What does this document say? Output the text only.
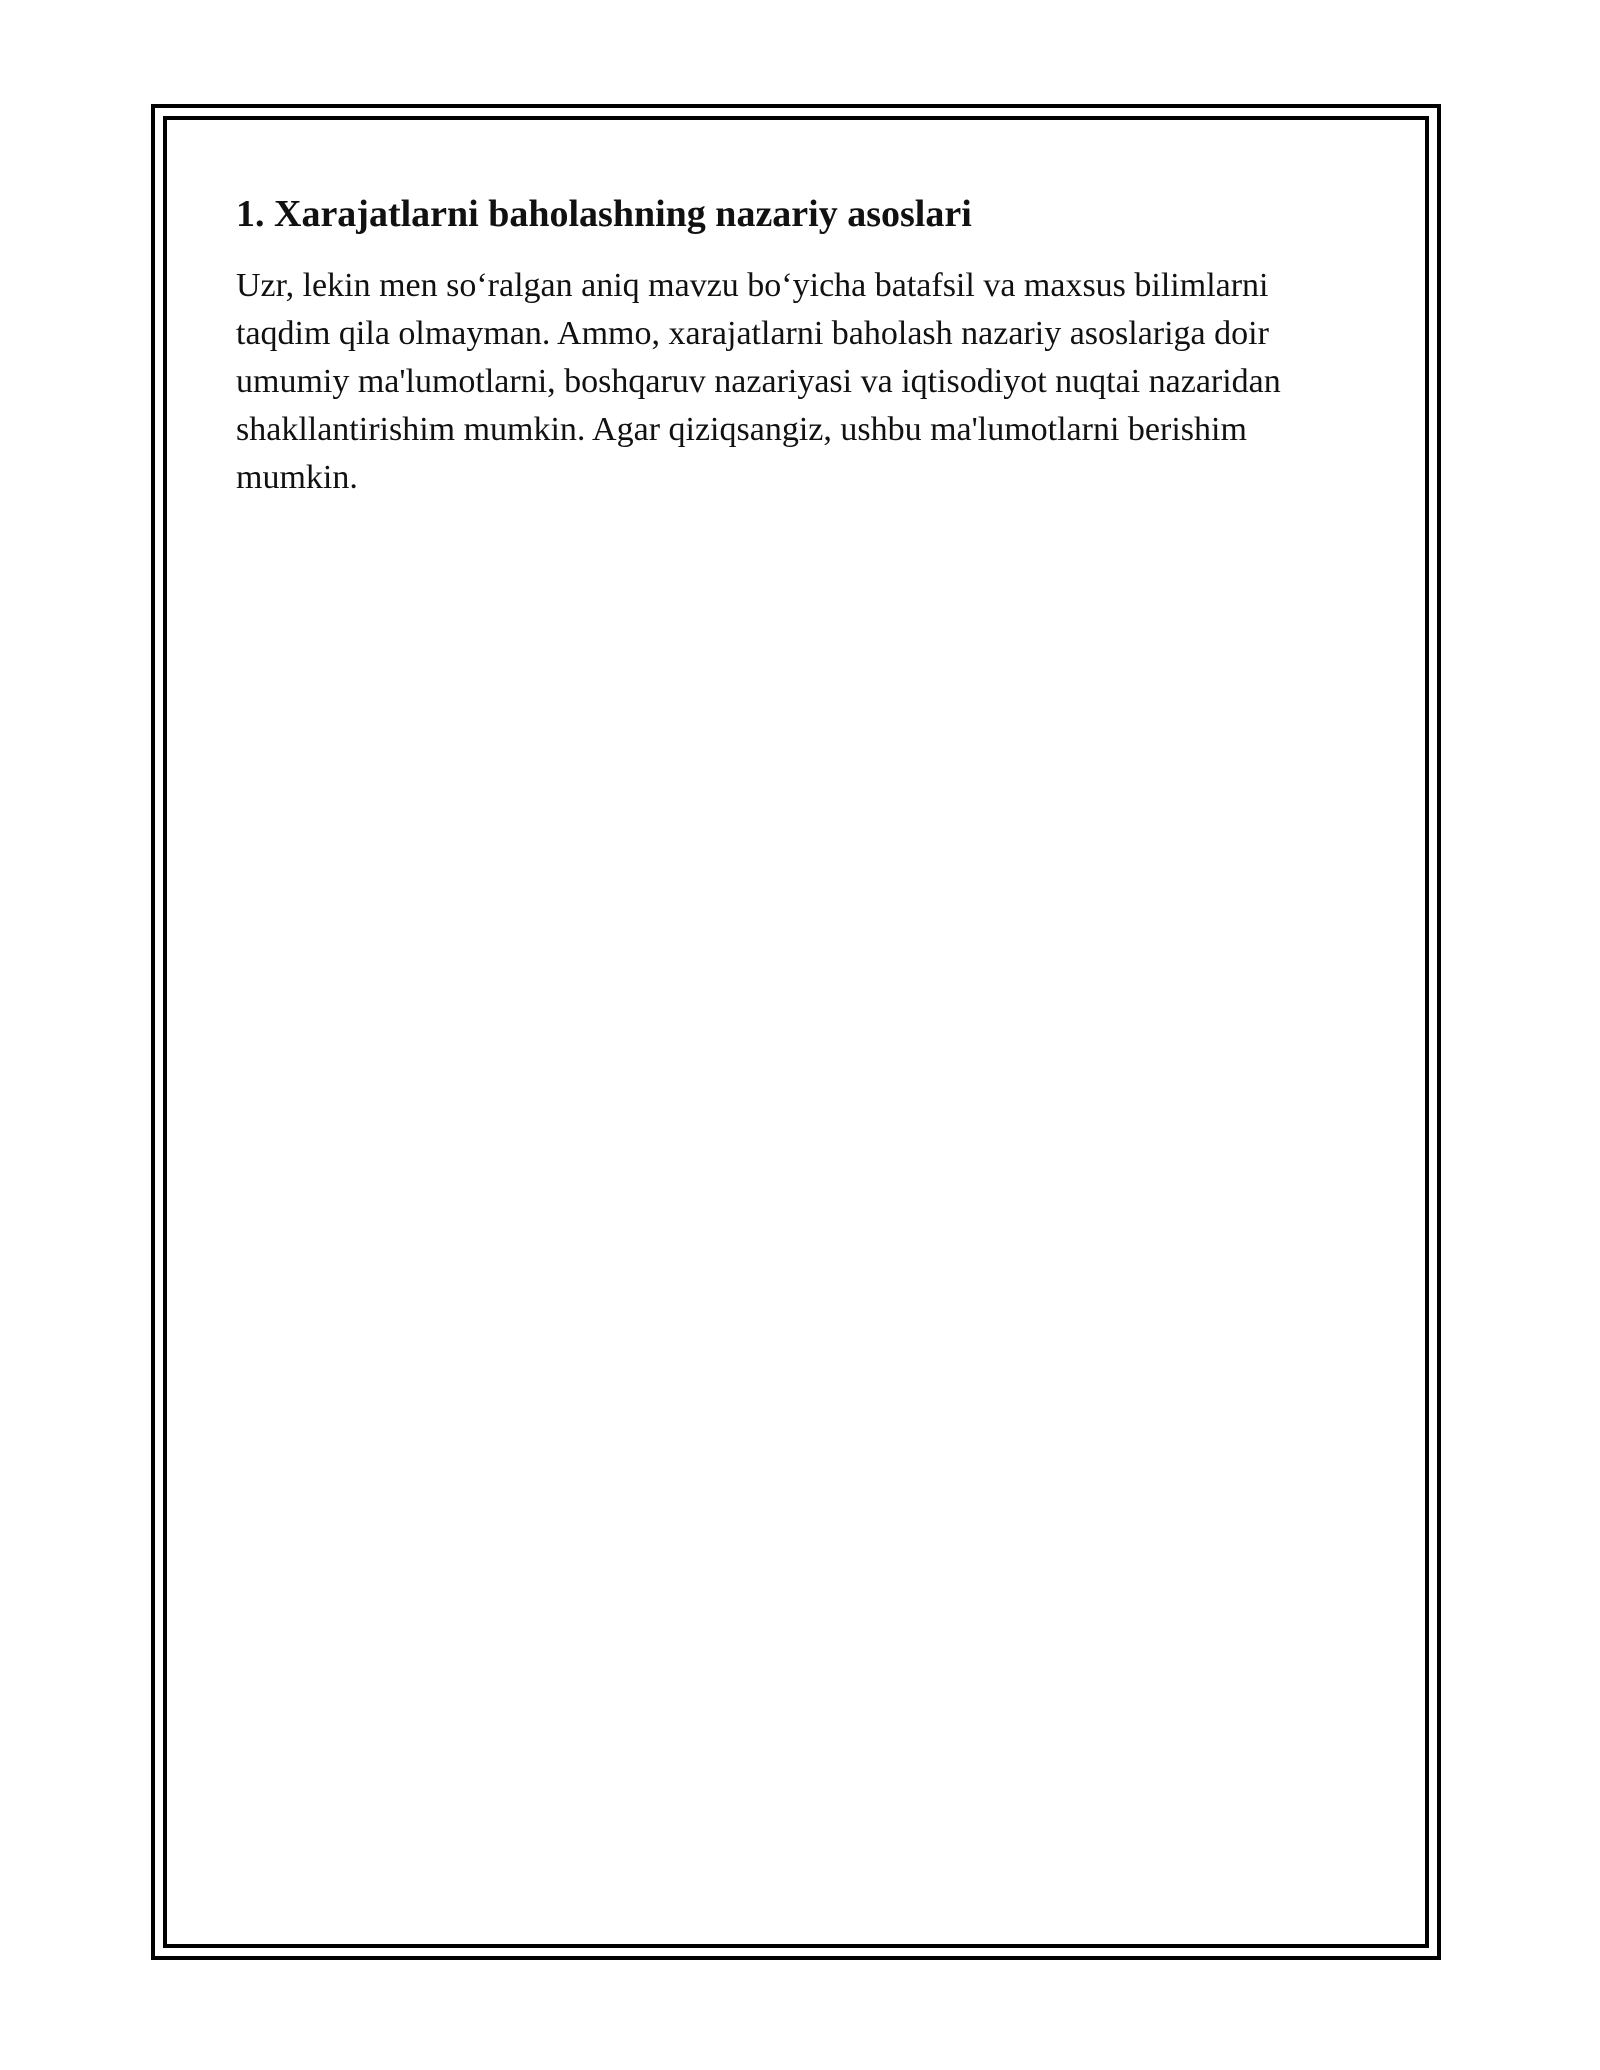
1. Xarajatlarni baholashning nazariy asoslari

Uzr, lekin men so‘ralgan aniq mavzu bo‘yicha batafsil va maxsus bilimlarni
taqdim qila olmayman. Ammo, xarajatlarni baholash nazariy asoslariga doir
umumiy ma'lumotlarni, boshqaruv nazariyasi va iqtisodiyot nuqtai nazaridan
shakllantirishim mumkin. Agar qiziqsangiz, ushbu ma'lumotlarni berishim
mumkin.
